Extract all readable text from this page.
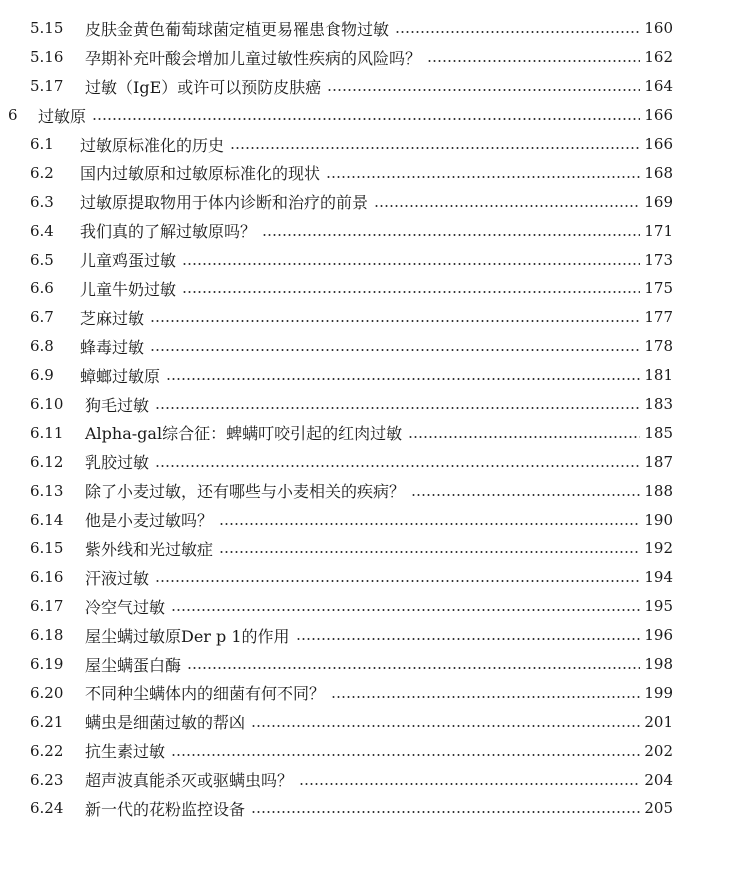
5.15 皮肤金黄色葡萄球菌定植更易罹患食物过敏	160
5.16 孕期补充叶酸会增加儿童过敏性疾病的风险吗？	162
5.17 过敏（IgE）或许可以预防皮肤癌	164
6 过敏原	166
6.1 过敏原标准化的历史	166
6.2 国内过敏原和过敏原标准化的现状	168
6.3 过敏原提取物用于体内诊断和治疗的前景	169
6.4 我们真的了解过敏原吗？	171
6.5 儿童鸡蛋过敏	173
6.6 儿童牛奶过敏	175
6.7 芝麻过敏	177
6.8 蜂毒过敏	178
6.9 蟑螂过敏原	181
6.10 狗毛过敏	183
6.11 Alpha-gal综合征：蜱螨叮咬引起的红肉过敏	185
6.12 乳胶过敏	187
6.13 除了小麦过敏，还有哪些与小麦相关的疾病？	188
6.14 他是小麦过敏吗？	190
6.15 紫外线和光过敏症	192
6.16 汗液过敏	194
6.17 冷空气过敏	195
6.18 屋尘螨过敏原Der p 1的作用	196
6.19 屋尘螨蛋白酶	198
6.20 不同种尘螨体内的细菌有何不同？	199
6.21 螨虫是细菌过敏的帮凶	201
6.22 抗生素过敏	202
6.23 超声波真能杀灭或驱螨虫吗？	204
6.24 新一代的花粉监控设备	205
